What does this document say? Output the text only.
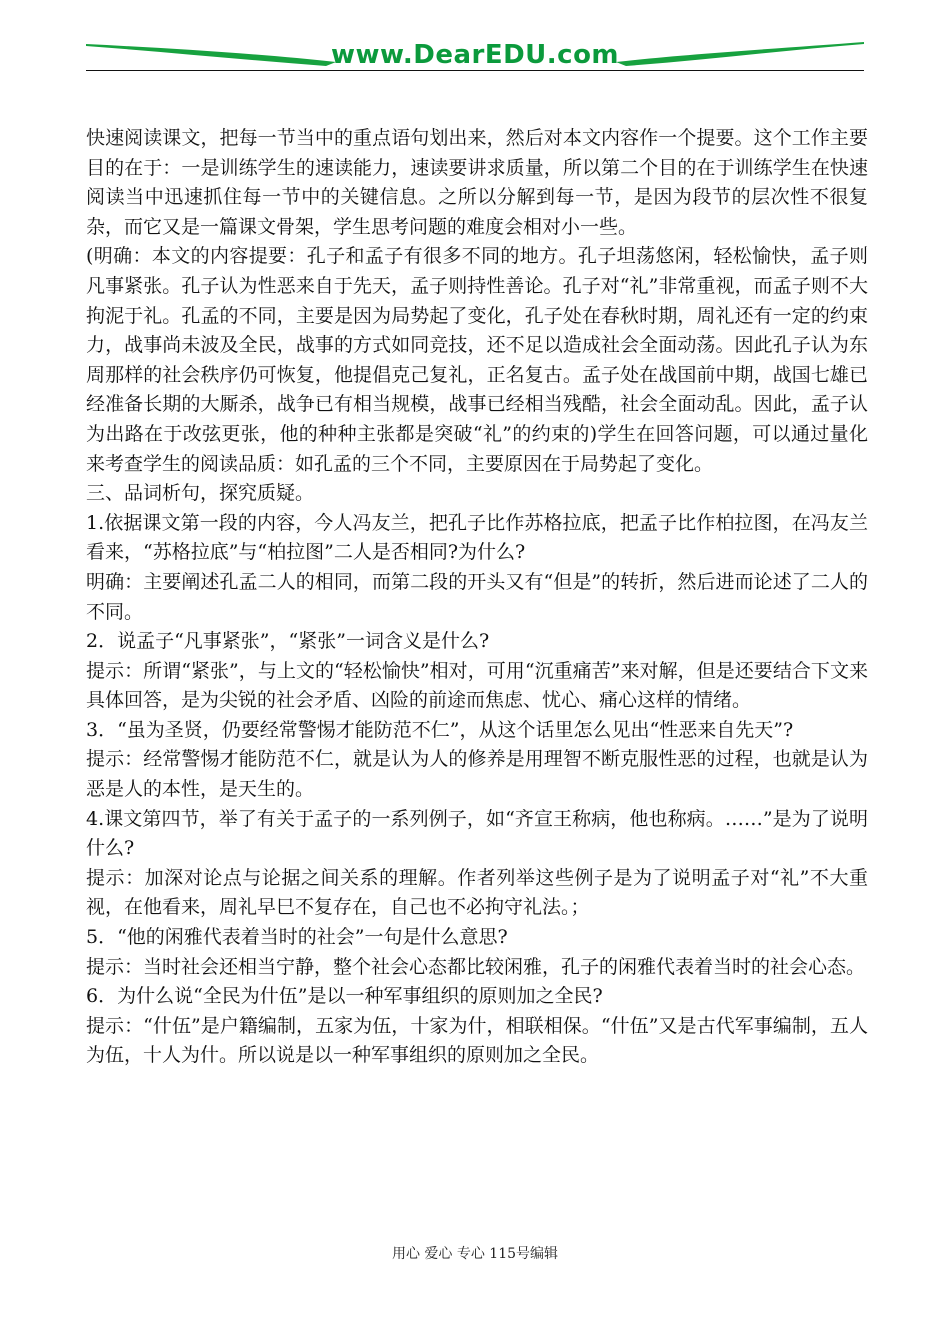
www.DearEDU.com

快速阅读课文，把每一节当中的重点语句划出来，然后对本文内容作一个提要。这个工作主要目的在于：一是训练学生的速读能力，速读要讲求质量，所以第二个目的在于训练学生在快速阅读当中迅速抓住每一节中的关键信息。之所以分解到每一节，是因为段节的层次性不很复杂，而它又是一篇课文骨架，学生思考问题的难度会相对小一些。

(明确：本文的内容提要：孔子和孟子有很多不同的地方。孔子坦荡悠闲，轻松愉快，孟子则凡事紧张。孔子认为性恶来自于先天，孟子则持性善论。孔子对“礼”非常重视，而孟子则不大拘泥于礼。孔孟的不同，主要是因为局势起了变化，孔子处在春秋时期，周礼还有一定的约束力，战事尚未波及全民，战事的方式如同竞技，还不足以造成社会全面动荡。因此孔子认为东周那样的社会秩序仍可恢复，他提倡克己复礼，正名复古。孟子处在战国前中期，战国七雄已经准备长期的大厮杀，战争已有相当规模，战事已经相当残酷，社会全面动乱。因此，孟子认为出路在于改弦更张，他的种种主张都是突破“礼”的约束的)学生在回答问题，可以通过量化来考查学生的阅读品质：如孔孟的三个不同，主要原因在于局势起了变化。

三、品词析句，探究质疑。

1.依据课文第一段的内容，今人冯友兰，把孔子比作苏格拉底，把孟子比作柏拉图，在冯友兰看来，“苏格拉底”与“柏拉图”二人是否相同?为什么?

明确：主要阐述孔孟二人的相同，而第二段的开头又有“但是”的转折，然后进而论述了二人的不同。

2．说孟子“凡事紧张”，“紧张”一词含义是什么?

提示：所谓“紧张”，与上文的“轻松愉快”相对，可用“沉重痛苦”来对解，但是还要结合下文来具体回答，是为尖锐的社会矛盾、凶险的前途而焦虑、忧心、痛心这样的情绪。

3．“虽为圣贤，仍要经常警惕才能防范不仁”，从这个话里怎么见出“性恶来自先天”?

提示：经常警惕才能防范不仁，就是认为人的修养是用理智不断克服性恶的过程，也就是认为恶是人的本性，是天生的。

4.课文第四节，举了有关于孟子的一系列例子，如“齐宣王称病，他也称病。……”是为了说明什么?

提示：加深对论点与论据之间关系的理解。作者列举这些例子是为了说明孟子对“礼”不大重视，在他看来，周礼早巳不复存在，自己也不必拘守礼法。；

5．“他的闲雅代表着当时的社会”一句是什么意思?

提示：当时社会还相当宁静，整个社会心态都比较闲雅，孔子的闲雅代表着当时的社会心态。

6．为什么说“全民为什伍”是以一种军事组织的原则加之全民?

提示：“什伍”是户籍编制，五家为伍，十家为什，相联相保。“什伍”又是古代军事编制，五人为伍，十人为什。所以说是以一种军事组织的原则加之全民。

用心 爱心 专心 115号编辑
